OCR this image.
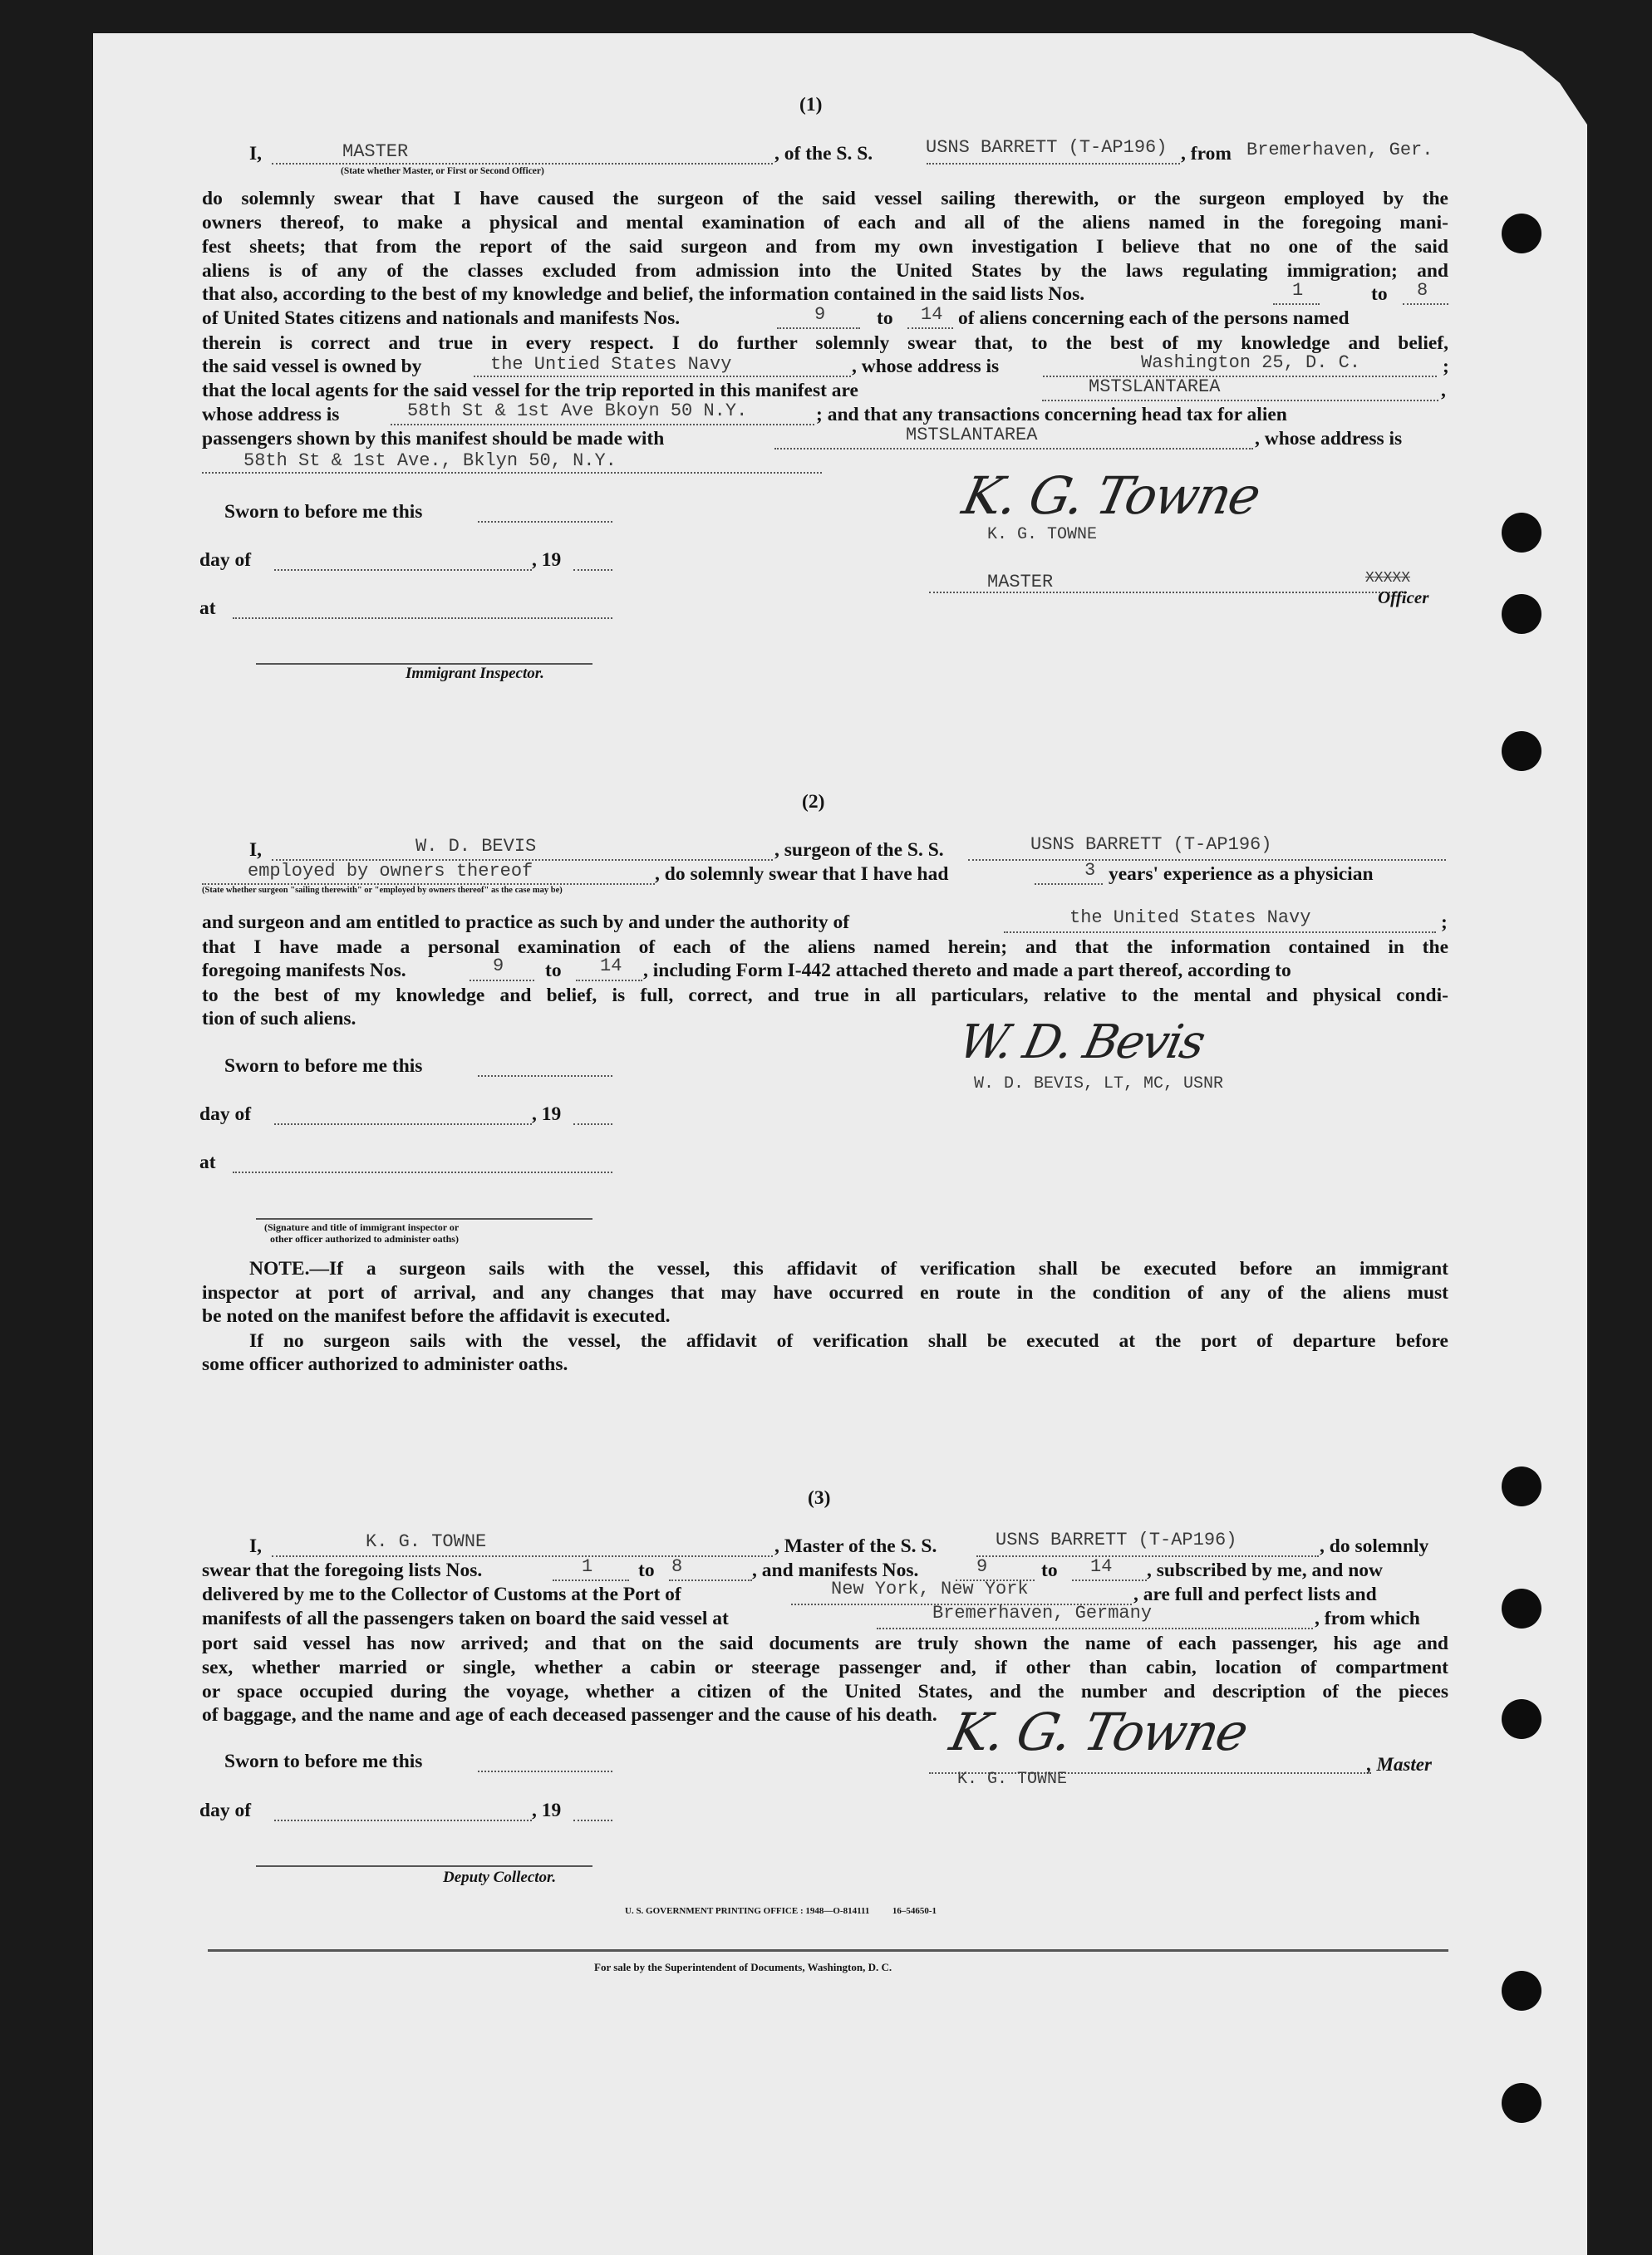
(1)
I,	MASTER	, of the S. S.	USNS BARRETT (T-AP196) , from Bremerhaven, Ger.
(State whether Master, or First or Second Officer)
do solemnly swear that I have caused the surgeon of the said vessel sailing therewith, or the surgeon employed by the
owners thereof, to make a physical and mental examination of each and all of the aliens named in the foregoing mani-
fest sheets; that from the report of the said surgeon and from my own investigation I believe that no one of the said
aliens is of any of the classes excluded from admission into the United States by the laws regulating immigration; and
that also, according to the best of my knowledge and belief, the information contained in the said lists Nos.	1	to 8
of United States citizens and nationals and manifests Nos.	9	to 14 of aliens concerning each of the persons named
therein is correct and true in every respect. I do further solemnly swear that, to the best of my knowledge and belief,
the said vessel is owned by	the Untied States Navy	, whose address is	Washington 25, D. C.	;
that the local agents for the said vessel for the trip reported in this manifest are	MSTSLANTAREA	,
whose address is	58th St & 1st Ave Bkoyn 50 N.Y.	; and that any transactions concerning head tax for alien
passengers shown by this manifest should be made with	MSTSLANTAREA	, whose address is
58th St & 1st Ave., Bklyn 50, N.Y.
Sworn to before me this
day of	, 19
at
Immigrant Inspector.
K. G. Towne
K. G. TOWNE
MASTER	XXXXX
Officer
(2)
I,	W. D. BEVIS	, surgeon of the S. S.	USNS BARRETT (T-AP196)
employed by owners thereof	, do solemnly swear that I have had	3 years' experience as a physician
(State whether surgeon "sailing therewith" or "employed by owners thereof" as the case may be)
and surgeon and am entitled to practice as such by and under the authority of	the United States Navy	;
that I have made a personal examination of each of the aliens named herein; and that the information contained in the
foregoing manifests Nos.	9 to 14 , including Form I-442 attached thereto and made a part thereof, according to
to the best of my knowledge and belief, is full, correct, and true in all particulars, relative to the mental and physical condi-
tion of such aliens.	W. D. Bevis
W. D. BEVIS, LT, MC, USNR
Sworn to before me this
day of	, 19
at
(Signature and title of immigrant inspector or
other officer authorized to administer oaths)
NOTE.—If a surgeon sails with the vessel, this affidavit of verification shall be executed before an immigrant
inspector at port of arrival, and any changes that may have occurred en route in the condition of any of the aliens must
be noted on the manifest before the affidavit is executed.
If no surgeon sails with the vessel, the affidavit of verification shall be executed at the port of departure before
some officer authorized to administer oaths.
(3)
I,	K. G. TOWNE	, Master of the S. S.	USNS BARRETT (T-AP196)	, do solemnly
swear that the foregoing lists Nos.	1 to 8	, and manifests Nos.	9	to 14 , subscribed by me, and now
delivered by me to the Collector of Customs at the Port of	New York, New York	, are full and perfect lists and
manifests of all the passengers taken on board the said vessel at	Bremerhaven, Germany	, from which
port said vessel has now arrived; and that on the said documents are truly shown the name of each passenger, his age and
sex, whether married or single, whether a cabin or steerage passenger and, if other than cabin, location of compartment
or space occupied during the voyage, whether a citizen of the United States, and the number and description of the pieces
of baggage, and the name and age of each deceased passenger and the cause of his death.
Sworn to before me this	K. G. Towne
, Master
K. G. TOWNE
day of	, 19
Deputy Collector.
U. S. GOVERNMENT PRINTING OFFICE : 1948—O-814111          16–54650-1
For sale by the Superintendent of Documents, Washington, D. C.
